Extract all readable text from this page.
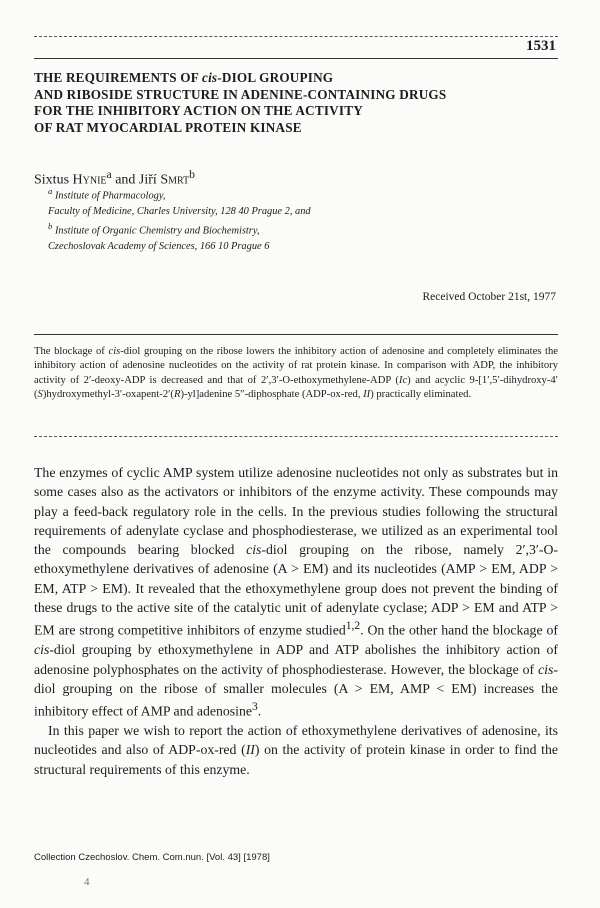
1531
THE REQUIREMENTS OF cis-DIOL GROUPING
AND RIBOSIDE STRUCTURE IN ADENINE-CONTAINING DRUGS
FOR THE INHIBITORY ACTION ON THE ACTIVITY
OF RAT MYOCARDIAL PROTEIN KINASE
Sixtus Hynie$^a$ and Jiří Smrt$^b$
$^a$ Institute of Pharmacology,
Faculty of Medicine, Charles University, 128 40 Prague 2, and
$^b$ Institute of Organic Chemistry and Biochemistry,
Czechoslovak Academy of Sciences, 166 10 Prague 6
Received October 21st, 1977
The blockage of cis-diol grouping on the ribose lowers the inhibitory action of adenosine and completely eliminates the inhibitory action of adenosine nucleotides on the activity of rat protein kinase. In comparison with ADP, the inhibitory activity of 2′-deoxy-ADP is decreased and that of 2′,3′-O-ethoxymethylene-ADP (Ic) and acyclic 9-[1′,5′-dihydroxy-4′(S)hydroxymethyl-3′-oxapent-2′(R)-yl]adenine 5″-diphosphate (ADP-ox-red, II) practically eliminated.

The enzymes of cyclic AMP system utilize adenosine nucleotides not only as substrates but in some cases also as the activators or inhibitors of the enzyme activity. These compounds may play a feed-back regulatory role in the cells. In the previous studies following the structural requirements of adenylate cyclase and phosphodiesterase, we utilized as an experimental tool the compounds bearing blocked cis-diol grouping on the ribose, namely 2′,3′-O-ethoxymethylene derivatives of adenosine (A > EM) and its nucleotides (AMP > EM, ADP > EM, ATP > EM). It revealed that the ethoxymethylene group does not prevent the binding of these drugs to the active site of the catalytic unit of adenylate cyclase; ADP > EM and ATP > EM are strong competitive inhibitors of enzyme studied$^{1,2}$. On the other hand the blockage of cis-diol grouping by ethoxymethylene in ADP and ATP abolishes the inhibitory action of adenosine polyphosphates on the activity of phosphodiesterase. However, the blockage of cis-diol grouping on the ribose of smaller molecules (A > EM, AMP < EM) increases the inhibitory effect of AMP and adenosine$^3$.

In this paper we wish to report the action of ethoxymethylene derivatives of adenosine, its nucleotides and also of ADP-ox-red (II) on the activity of protein kinase in order to find the structural requirements of this enzyme.

Collection Czechoslov. Chem. Com.nun. [Vol. 43] [1978]
4
